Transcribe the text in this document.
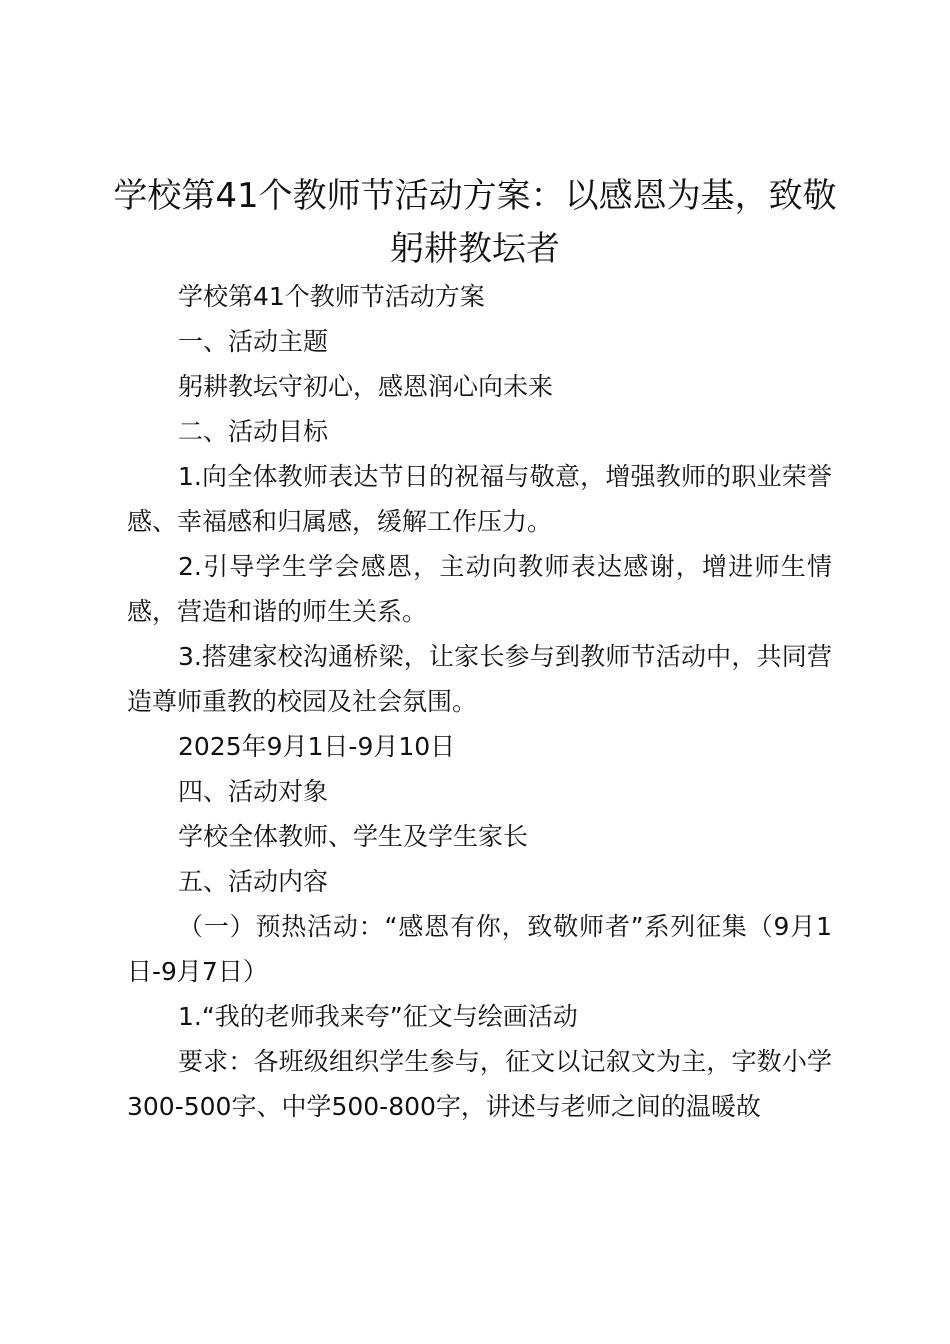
学校第41个教师节活动方案：以感恩为基，致敬躬耕教坛者

学校第41个教师节活动方案

一、活动主题

躬耕教坛守初心，感恩润心向未来

二、活动目标

1.向全体教师表达节日的祝福与敬意，增强教师的职业荣誉感、幸福感和归属感，缓解工作压力。

2.引导学生学会感恩，主动向教师表达感谢，增进师生情感，营造和谐的师生关系。

3.搭建家校沟通桥梁，让家长参与到教师节活动中，共同营造尊师重教的校园及社会氛围。

2025年9月1日-9月10日

四、活动对象

学校全体教师、学生及学生家长

五、活动内容

（一）预热活动：“感恩有你，致敬师者”系列征集（9月1日-9月7日）

1.“我的老师我来夸”征文与绘画活动

要求：各班级组织学生参与，征文以记叙文为主，字数小学300-500字、中学500-800字，讲述与老师之间的温暖故
